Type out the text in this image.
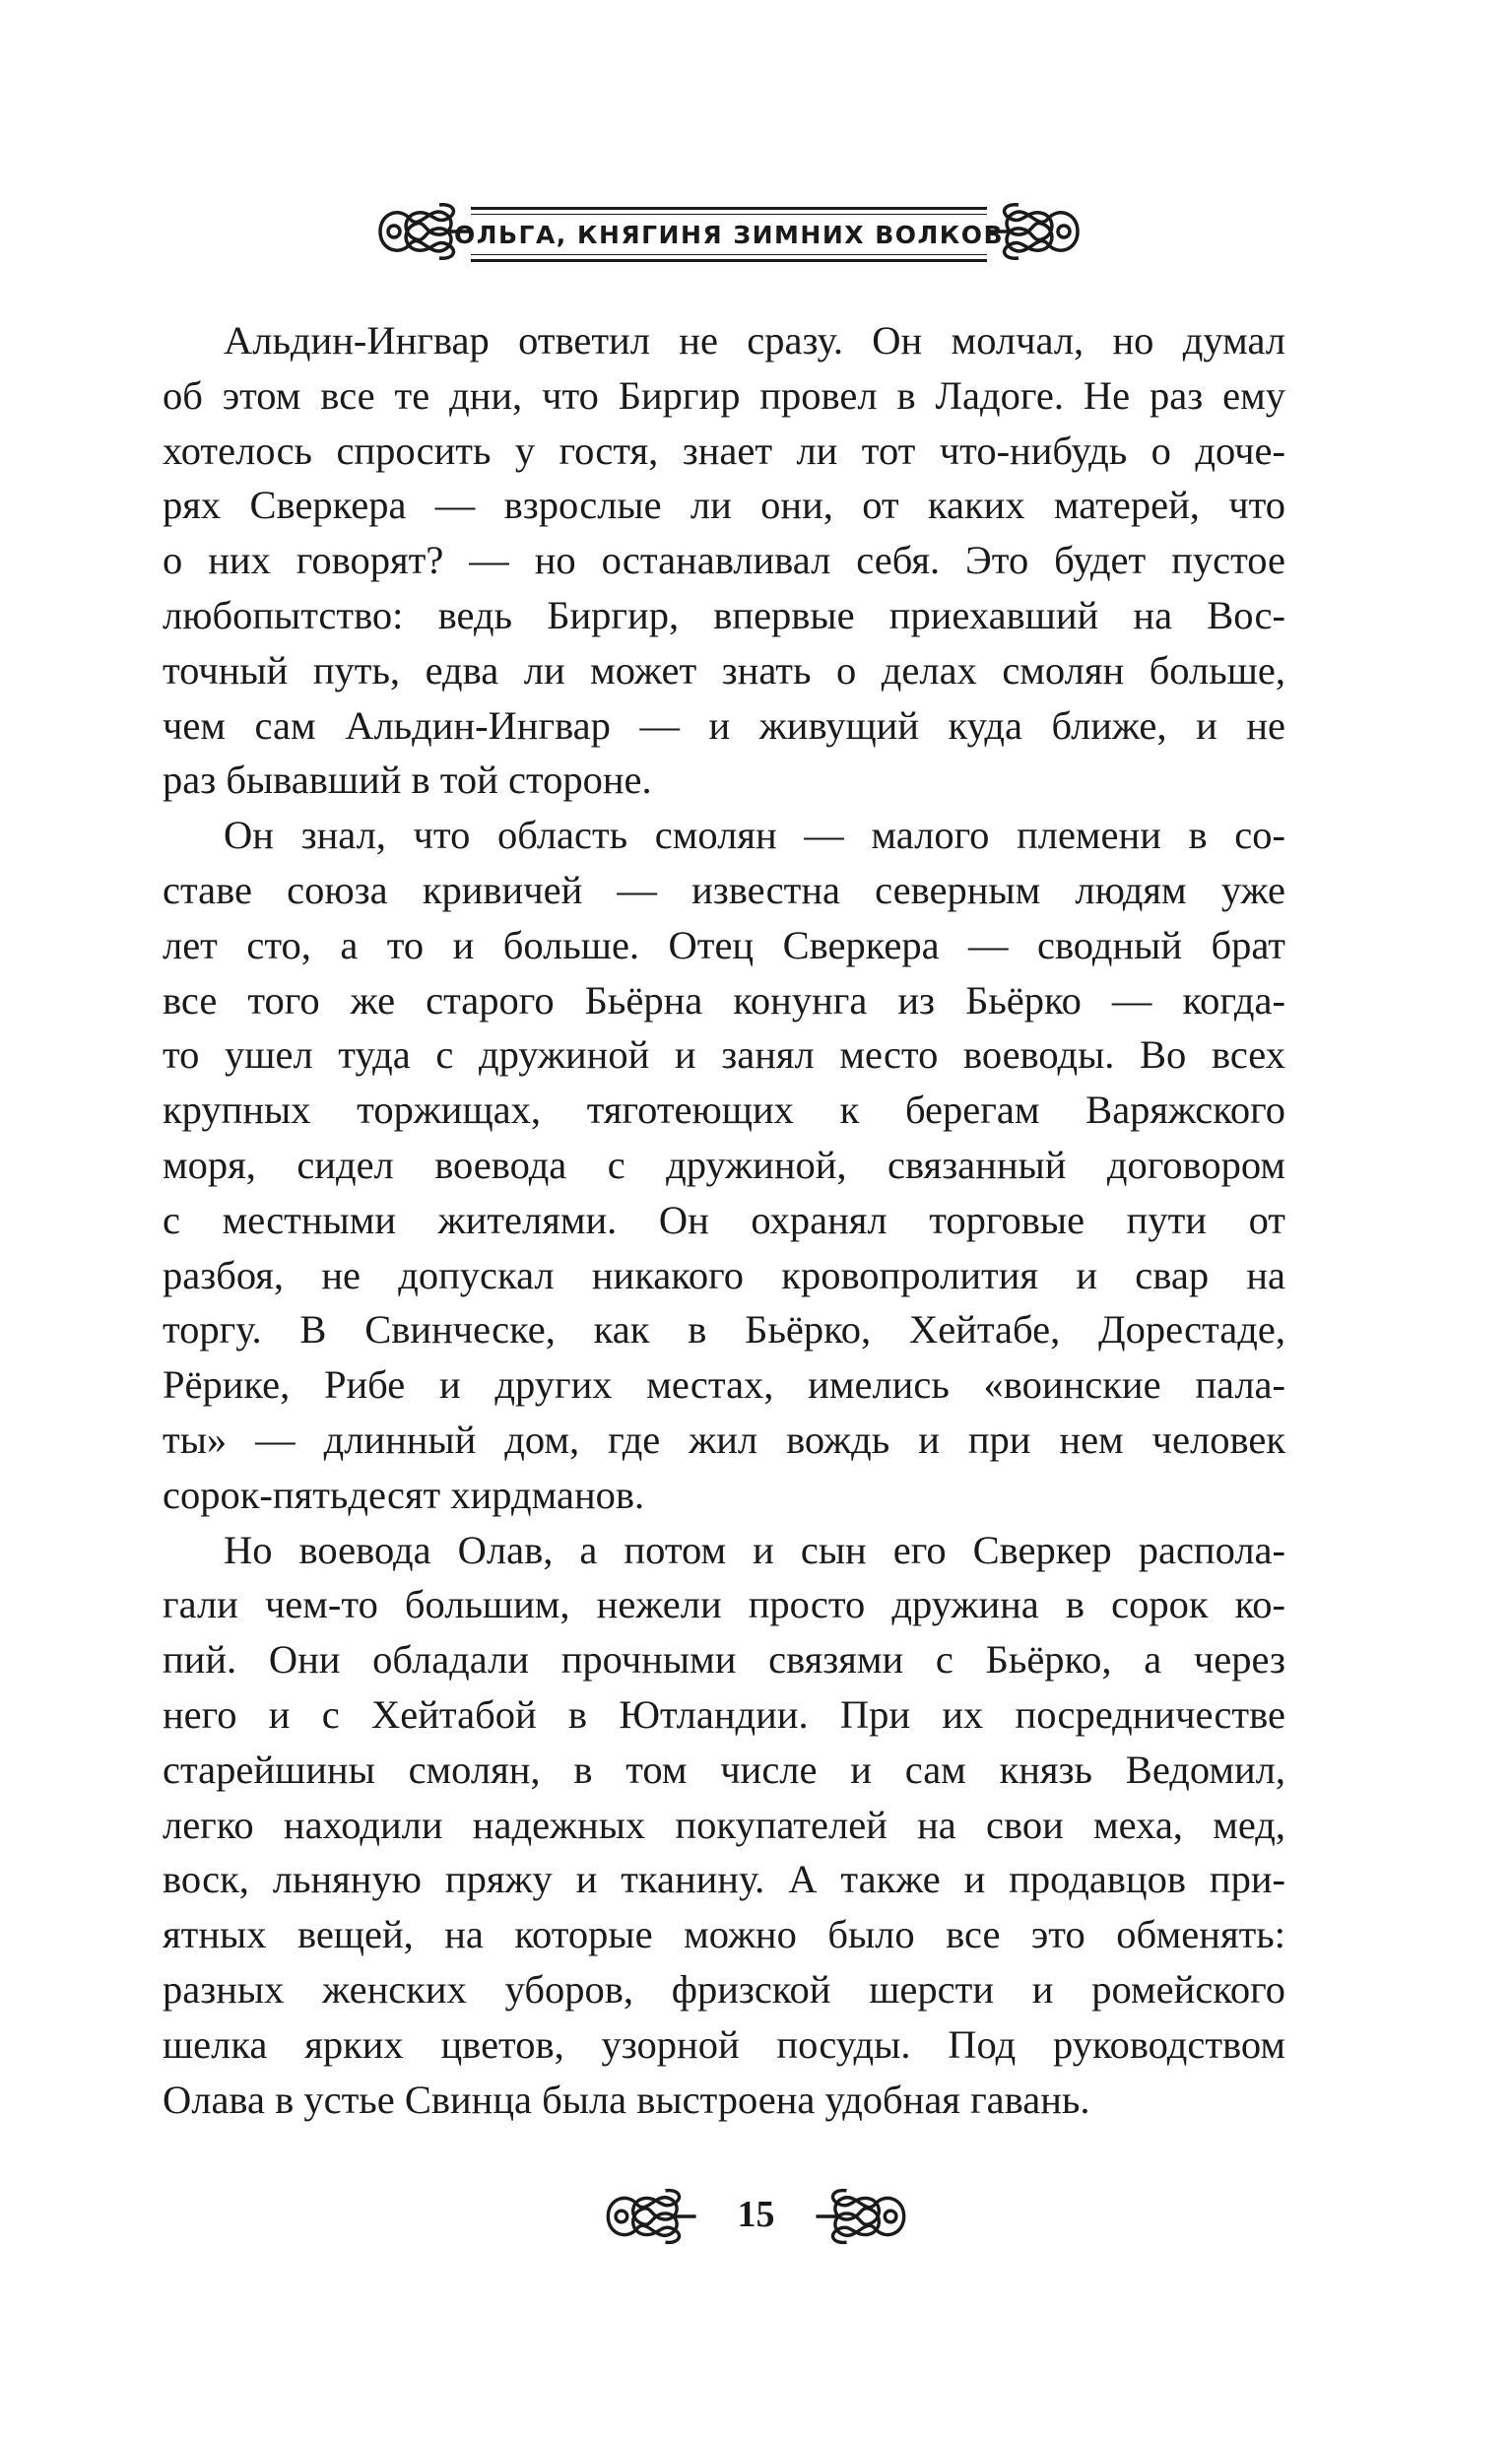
ОЛЬГА, КНЯГИНЯ ЗИМНИХ ВОЛКОВ
Альдин-Ингвар ответил не сразу. Он молчал, но думал
об этом все те дни, что Биргир провел в Ладоге. Не раз ему
хотелось спросить у гостя, знает ли тот что-нибудь о доче-
рях Сверкера — взрослые ли они, от каких матерей, что
о них говорят? — но останавливал себя. Это будет пустое
любопытство: ведь Биргир, впервые приехавший на Вос-
точный путь, едва ли может знать о делах смолян больше,
чем сам Альдин-Ингвар — и живущий куда ближе, и не
раз бывавший в той стороне.
Он знал, что область смолян — малого племени в со-
ставе союза кривичей — известна северным людям уже
лет сто, а то и больше. Отец Сверкера — сводный брат
все того же старого Бьёрна конунга из Бьёрко — когда-
то ушел туда с дружиной и занял место воеводы. Во всех
крупных торжищах, тяготеющих к берегам Варяжского
моря, сидел воевода с дружиной, связанный договором
с местными жителями. Он охранял торговые пути от
разбоя, не допускал никакого кровопролития и свар на
торгу. В Свинческе, как в Бьёрко, Хейтабе, Дорестаде,
Рёрике, Рибе и других местах, имелись «воинские пала-
ты» — длинный дом, где жил вождь и при нем человек
сорок-пятьдесят хирдманов.
Но воевода Олав, а потом и сын его Сверкер распола-
гали чем-то большим, нежели просто дружина в сорок ко-
пий. Они обладали прочными связями с Бьёрко, а через
него и с Хейтабой в Ютландии. При их посредничестве
старейшины смолян, в том числе и сам князь Ведомил,
легко находили надежных покупателей на свои меха, мед,
воск, льняную пряжу и тканину. А также и продавцов при-
ятных вещей, на которые можно было все это обменять:
разных женских уборов, фризской шерсти и ромейского
шелка ярких цветов, узорной посуды. Под руководством
Олава в устье Свинца была выстроена удобная гавань.
15
